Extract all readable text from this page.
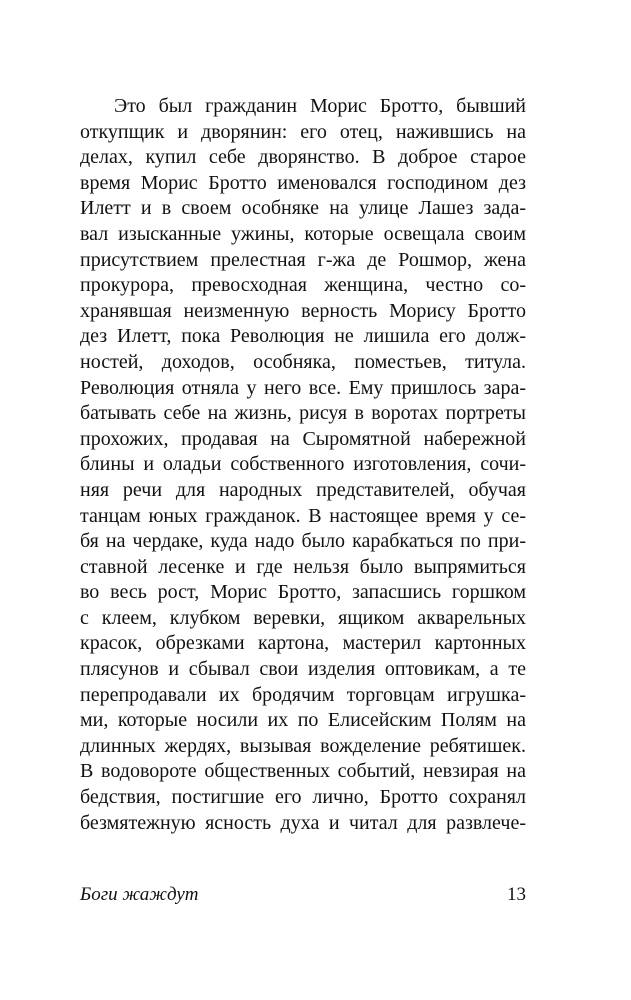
Это был гражданин Морис Бротто, бывший
откупщик и дворянин: его отец, нажившись на
делах, купил себе дворянство. В доброе старое
время Морис Бротто именовался господином дез
Илетт и в своем особняке на улице Лашез зада-
вал изысканные ужины, которые освещала своим
присутствием прелестная г-жа де Рошмор, жена
прокурора, превосходная женщина, честно со-
хранявшая неизменную верность Морису Бротто
дез Илетт, пока Революция не лишила его долж-
ностей, доходов, особняка, поместьев, титула.
Революция отняла у него все. Ему пришлось зара-
батывать себе на жизнь, рисуя в воротах портреты
прохожих, продавая на Сыромятной набережной
блины и оладьи собственного изготовления, сочи-
няя речи для народных представителей, обучая
танцам юных гражданок. В настоящее время у се-
бя на чердаке, куда надо было карабкаться по при-
ставной лесенке и где нельзя было выпрямиться
во весь рост, Морис Бротто, запасшись горшком
с клеем, клубком веревки, ящиком акварельных
красок, обрезками картона, мастерил картонных
плясунов и сбывал свои изделия оптовикам, а те
перепродавали их бродячим торговцам игрушка-
ми, которые носили их по Елисейским Полям на
длинных жердях, вызывая вожделение ребятишек.
В водовороте общественных событий, невзирая на
бедствия, постигшие его лично, Бротто сохранял
безмятежную ясность духа и читал для развлече-
Боги жаждут	13
